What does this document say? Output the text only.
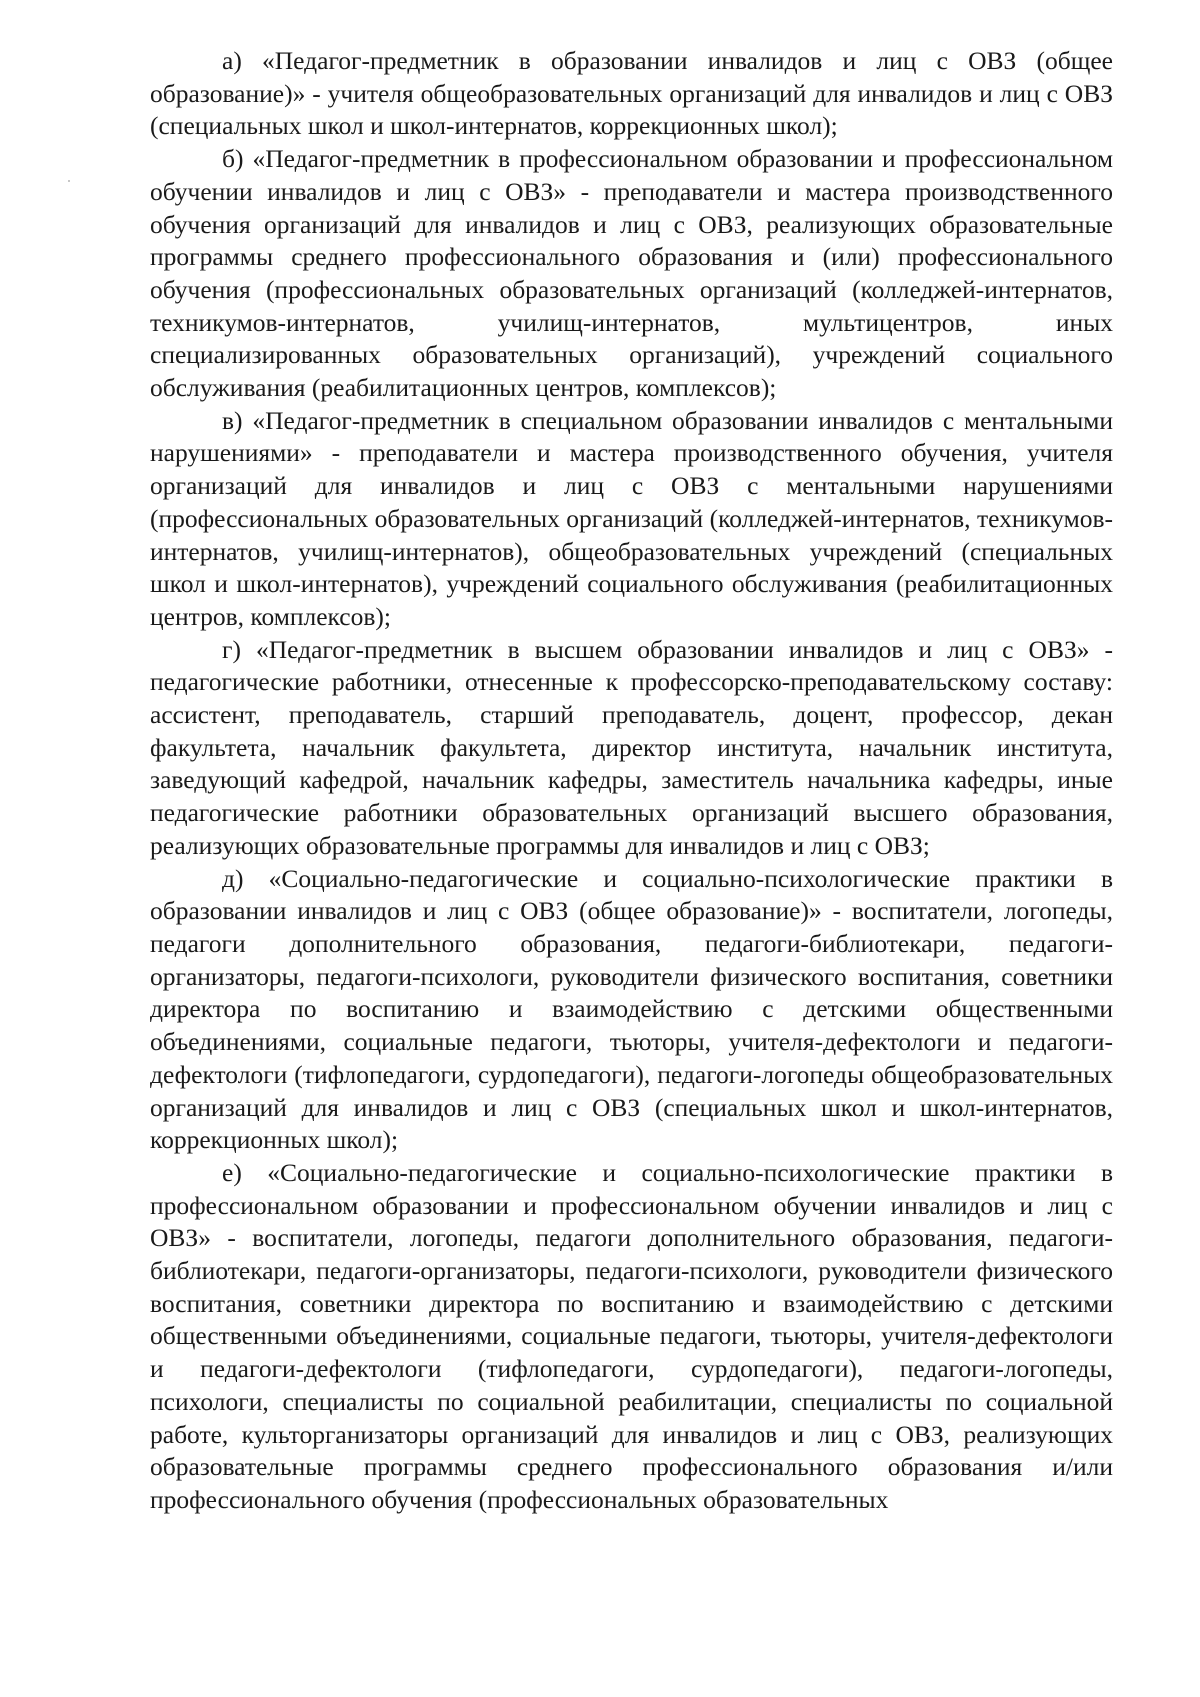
а) «Педагог-предметник в образовании инвалидов и лиц с ОВЗ (общее образование)» - учителя общеобразовательных организаций для инвалидов и лиц с ОВЗ (специальных школ и школ-интернатов, коррекционных школ);

б) «Педагог-предметник в профессиональном образовании и профессиональном обучении инвалидов и лиц с ОВЗ» - преподаватели и мастера производственного обучения организаций для инвалидов и лиц с ОВЗ, реализующих образовательные программы среднего профессионального образования и (или) профессионального обучения (профессиональных образовательных организаций (колледжей-интернатов, техникумов-интернатов, училищ-интернатов, мультицентров, иных специализированных образовательных организаций), учреждений социального обслуживания (реабилитационных центров, комплексов);

в) «Педагог-предметник в специальном образовании инвалидов с ментальными нарушениями» - преподаватели и мастера производственного обучения, учителя организаций для инвалидов и лиц с ОВЗ с ментальными нарушениями (профессиональных образовательных организаций (колледжей-интернатов, техникумов-интернатов, училищ-интернатов), общеобразовательных учреждений (специальных школ и школ-интернатов), учреждений социального обслуживания (реабилитационных центров, комплексов);

г) «Педагог-предметник в высшем образовании инвалидов и лиц с ОВЗ» - педагогические работники, отнесенные к профессорско-преподавательскому составу: ассистент, преподаватель, старший преподаватель, доцент, профессор, декан факультета, начальник факультета, директор института, начальник института, заведующий кафедрой, начальник кафедры, заместитель начальника кафедры, иные педагогические работники образовательных организаций высшего образования, реализующих образовательные программы для инвалидов и лиц с ОВЗ;

д) «Социально-педагогические и социально-психологические практики в образовании инвалидов и лиц с ОВЗ (общее образование)» - воспитатели, логопеды, педагоги дополнительного образования, педагоги-библиотекари, педагоги-организаторы, педагоги-психологи, руководители физического воспитания, советники директора по воспитанию и взаимодействию с детскими общественными объединениями, социальные педагоги, тьюторы, учителя-дефектологи и педагоги-дефектологи (тифлопедагоги, сурдопедагоги), педагоги-логопеды общеобразовательных организаций для инвалидов и лиц с ОВЗ (специальных школ и школ-интернатов, коррекционных школ);

е) «Социально-педагогические и социально-психологические практики в профессиональном образовании и профессиональном обучении инвалидов и лиц с ОВЗ» - воспитатели, логопеды, педагоги дополнительного образования, педагоги-библиотекари, педагоги-организаторы, педагоги-психологи, руководители физического воспитания, советники директора по воспитанию и взаимодействию с детскими общественными объединениями, социальные педагоги, тьюторы, учителя-дефектологи и педагоги-дефектологи (тифлопедагоги, сурдопедагоги), педагоги-логопеды, психологи, специалисты по социальной реабилитации, специалисты по социальной работе, культорганизаторы организаций для инвалидов и лиц с ОВЗ, реализующих образовательные программы среднего профессионального образования и/или профессионального обучения (профессиональных образовательных
